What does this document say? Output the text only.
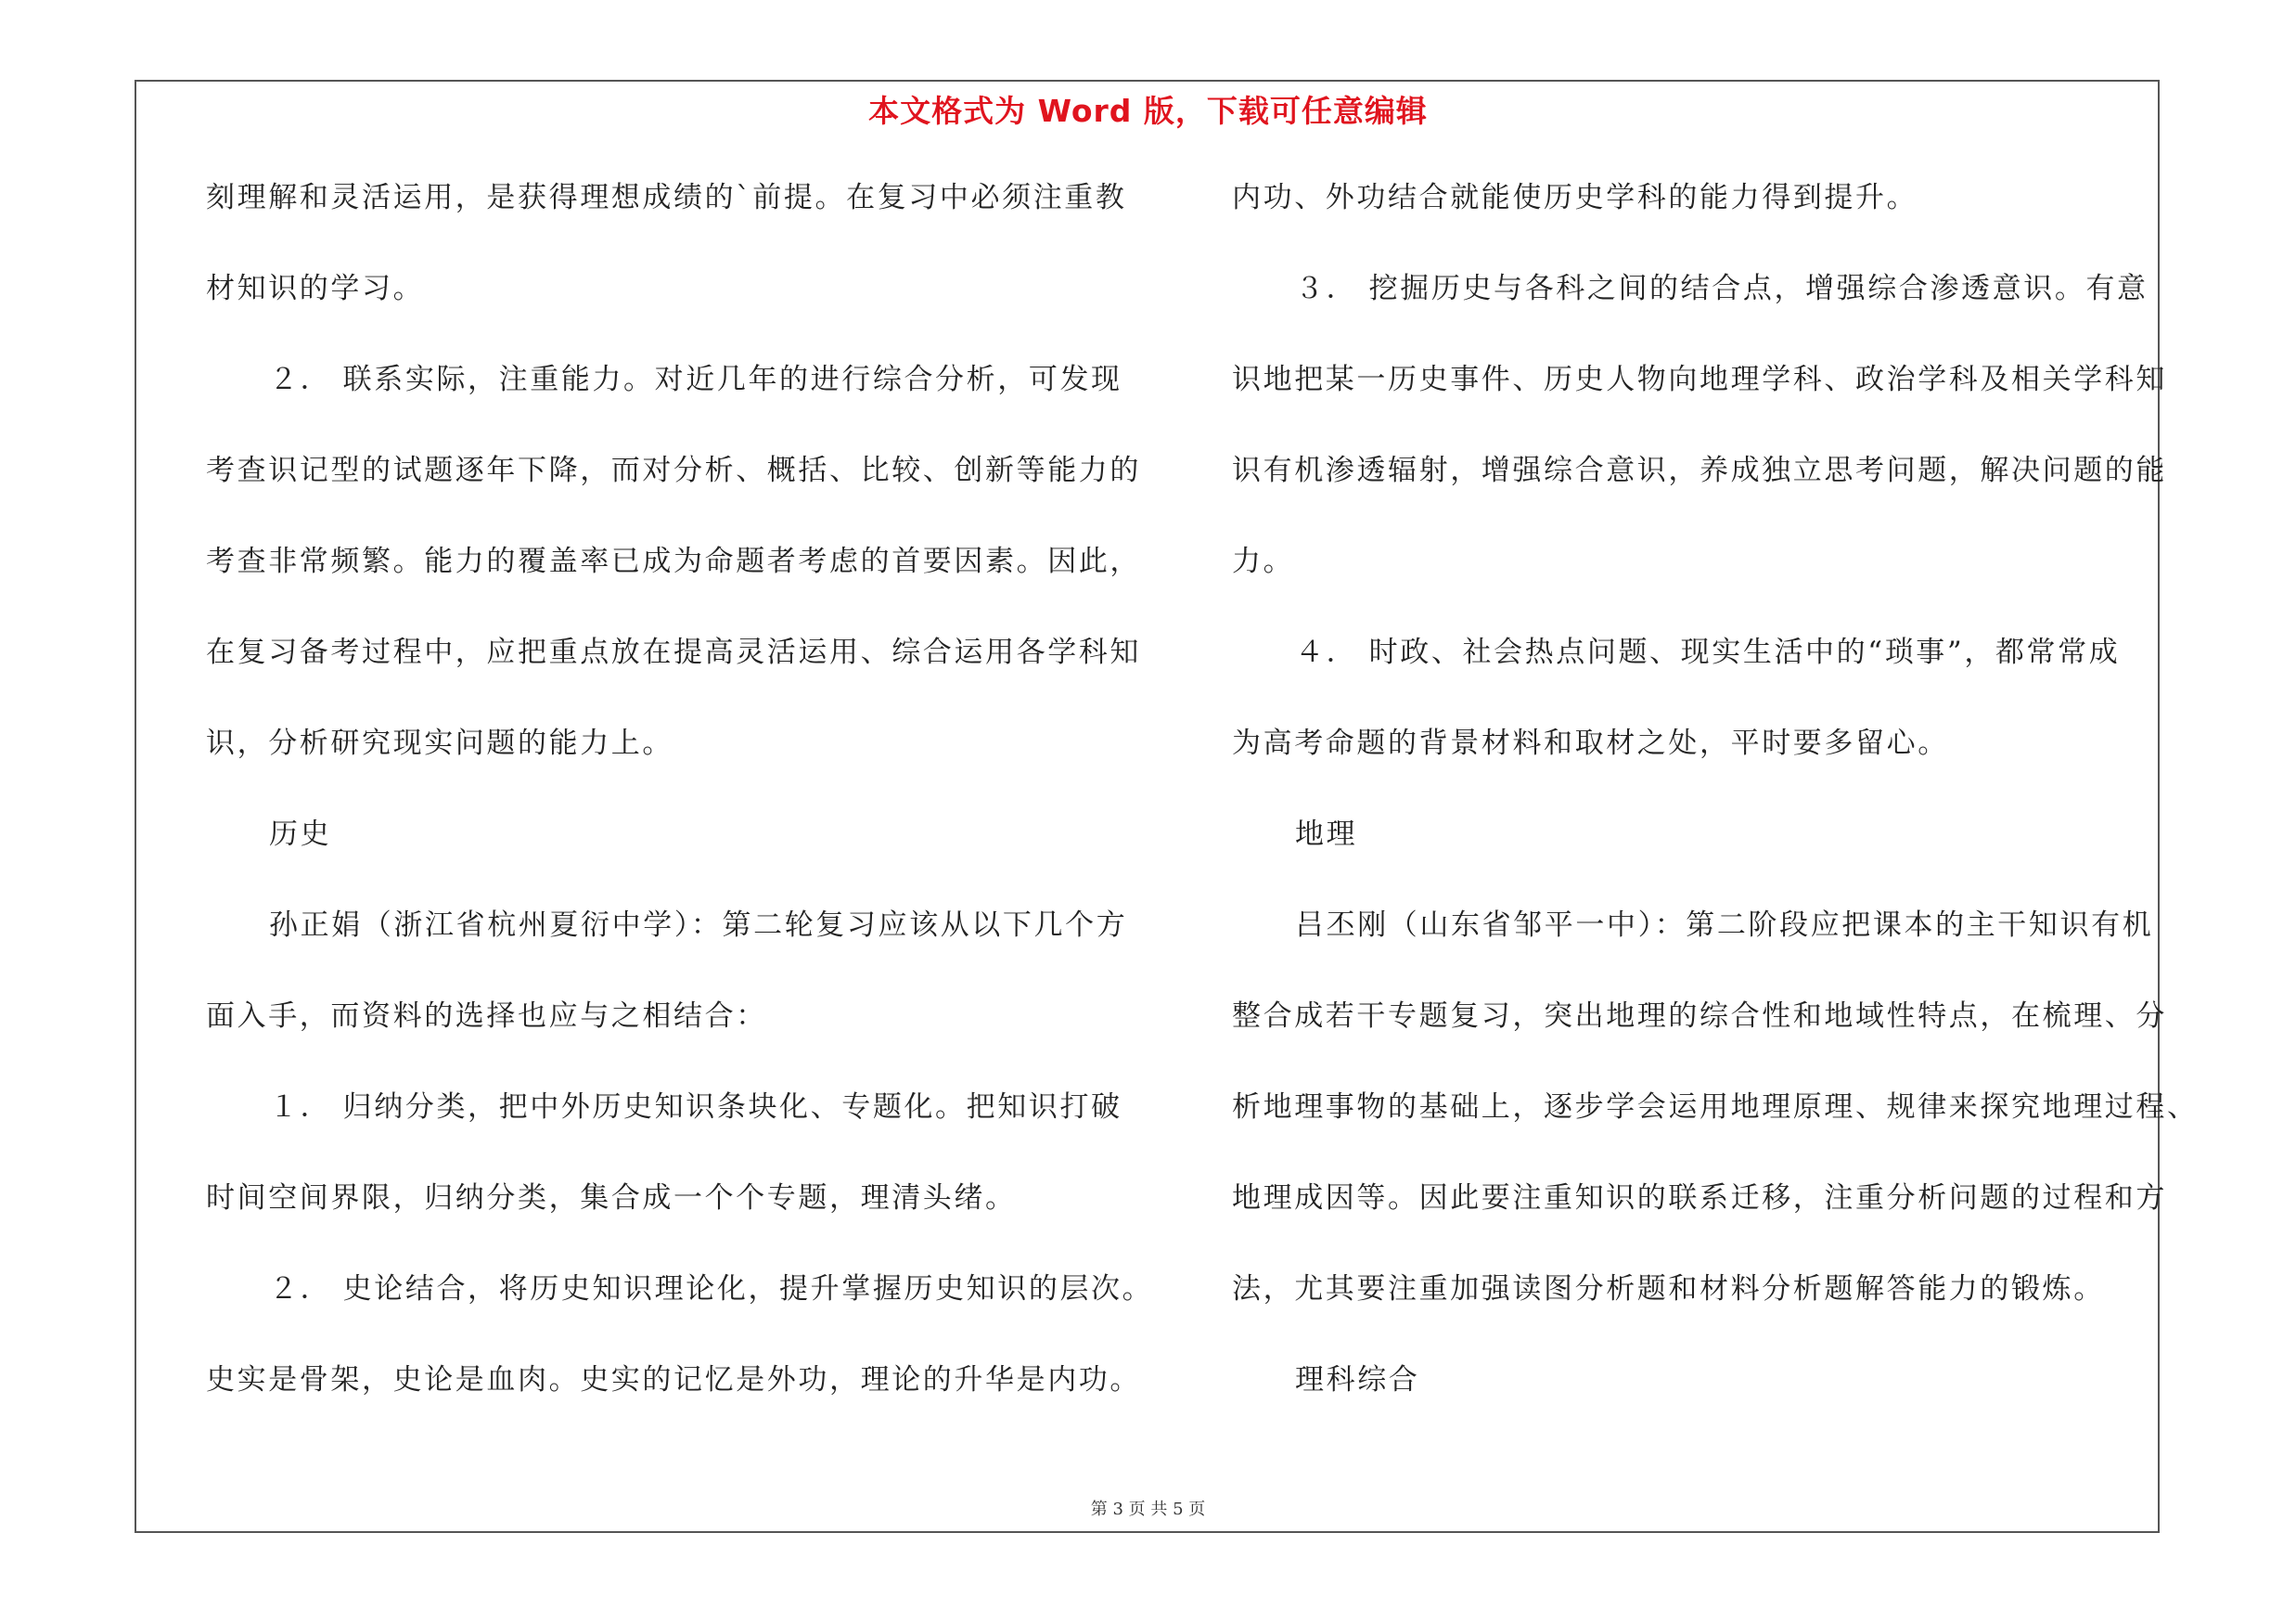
本文格式为 Word 版，下载可任意编辑
刻理解和灵活运用，是获得理想成绩的`前提。在复习中必须注重教
材知识的学习。
２． 联系实际，注重能力。对近几年的进行综合分析，可发现
考查识记型的试题逐年下降，而对分析、概括、比较、创新等能力的
考查非常频繁。能力的覆盖率已成为命题者考虑的首要因素。因此，
在复习备考过程中，应把重点放在提高灵活运用、综合运用各学科知
识，分析研究现实问题的能力上。
历史
孙正娟（浙江省杭州夏衍中学）：第二轮复习应该从以下几个方
面入手，而资料的选择也应与之相结合：
１． 归纳分类，把中外历史知识条块化、专题化。把知识打破
时间空间界限，归纳分类，集合成一个个专题，理清头绪。
２． 史论结合，将历史知识理论化，提升掌握历史知识的层次。
史实是骨架，史论是血肉。史实的记忆是外功，理论的升华是内功。
内功、外功结合就能使历史学科的能力得到提升。
３． 挖掘历史与各科之间的结合点，增强综合渗透意识。有意
识地把某一历史事件、历史人物向地理学科、政治学科及相关学科知
识有机渗透辐射，增强综合意识，养成独立思考问题，解决问题的能
力。
４． 时政、社会热点问题、现实生活中的“琐事”，都常常成
为高考命题的背景材料和取材之处，平时要多留心。
地理
吕丕刚（山东省邹平一中）：第二阶段应把课本的主干知识有机
整合成若干专题复习，突出地理的综合性和地域性特点，在梳理、分
析地理事物的基础上，逐步学会运用地理原理、规律来探究地理过程、
地理成因等。因此要注重知识的联系迁移，注重分析问题的过程和方
法，尤其要注重加强读图分析题和材料分析题解答能力的锻炼。
理科综合
第 3 页 共 5 页
